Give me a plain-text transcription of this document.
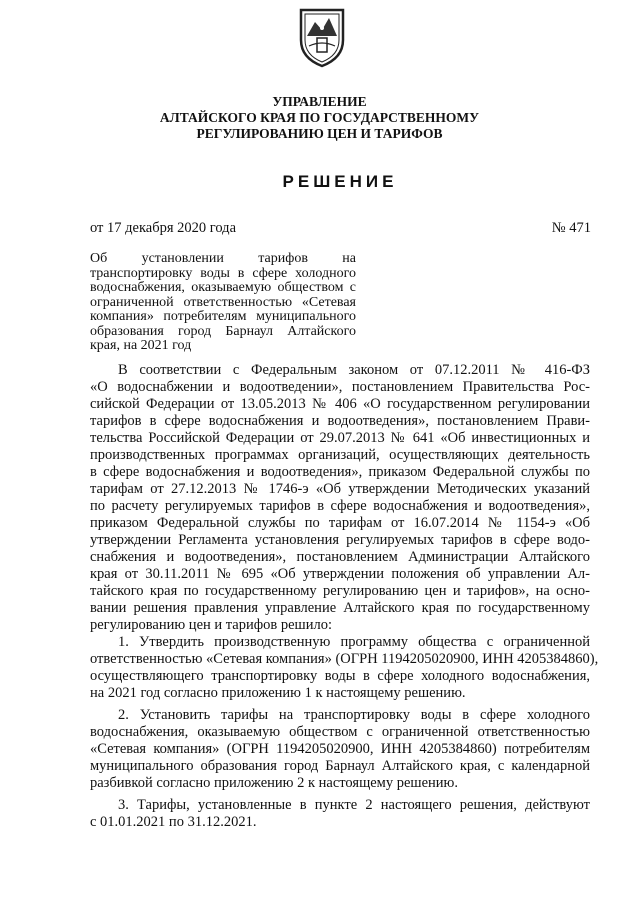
УПРАВЛЕНИЕ
АЛТАЙСКОГО КРАЯ ПО ГОСУДАРСТВЕННОМУ
РЕГУЛИРОВАНИЮ ЦЕН И ТАРИФОВ
РЕШЕНИЕ
от 17 декабря 2020 года	№ 471
Об установлении тарифов на транспортировку воды в сфере холодного водоснабжения, оказываемую обществом с ограниченной ответственностью «Сетевая компания» потребителям муниципального образования город Барнаул Алтайского края, на 2021 год
В соответствии с Федеральным законом от 07.12.2011 № 416-ФЗ
«О водоснабжении и водоотведении», постановлением Правительства Рос-
сийской Федерации от 13.05.2013 № 406 «О государственном регулировании
тарифов в сфере водоснабжения и водоотведения», постановлением Прави-
тельства Российской Федерации от 29.07.2013 № 641 «Об инвестиционных и
производственных программах организаций, осуществляющих деятельность
в сфере водоснабжения и водоотведения», приказом Федеральной службы по
тарифам от 27.12.2013 № 1746-э «Об утверждении Методических указаний
по расчету регулируемых тарифов в сфере водоснабжения и водоотведения»,
приказом Федеральной службы по тарифам от 16.07.2014 № 1154-э «Об
утверждении Регламента установления регулируемых тарифов в сфере водо-
снабжения и водоотведения», постановлением Администрации Алтайского
края от 30.11.2011 № 695 «Об утверждении положения об управлении Ал-
тайского края по государственному регулированию цен и тарифов», на осно-
вании решения правления управление Алтайского края по государственному
регулированию цен и тарифов решило:
1. Утвердить производственную программу общества с ограниченной
ответственностью «Сетевая компания» (ОГРН 1194205020900, ИНН 4205384860),
осуществляющего транспортировку воды в сфере холодного водоснабжения,
на 2021 год согласно приложению 1 к настоящему решению.
2. Установить тарифы на транспортировку воды в сфере холодного
водоснабжения, оказываемую обществом с ограниченной ответственностью
«Сетевая компания» (ОГРН 1194205020900, ИНН 4205384860) потребителям
муниципального образования город Барнаул Алтайского края, с календарной
разбивкой согласно приложению 2 к настоящему решению.
3. Тарифы, установленные в пункте 2 настоящего решения, действуют
с 01.01.2021 по 31.12.2021.
